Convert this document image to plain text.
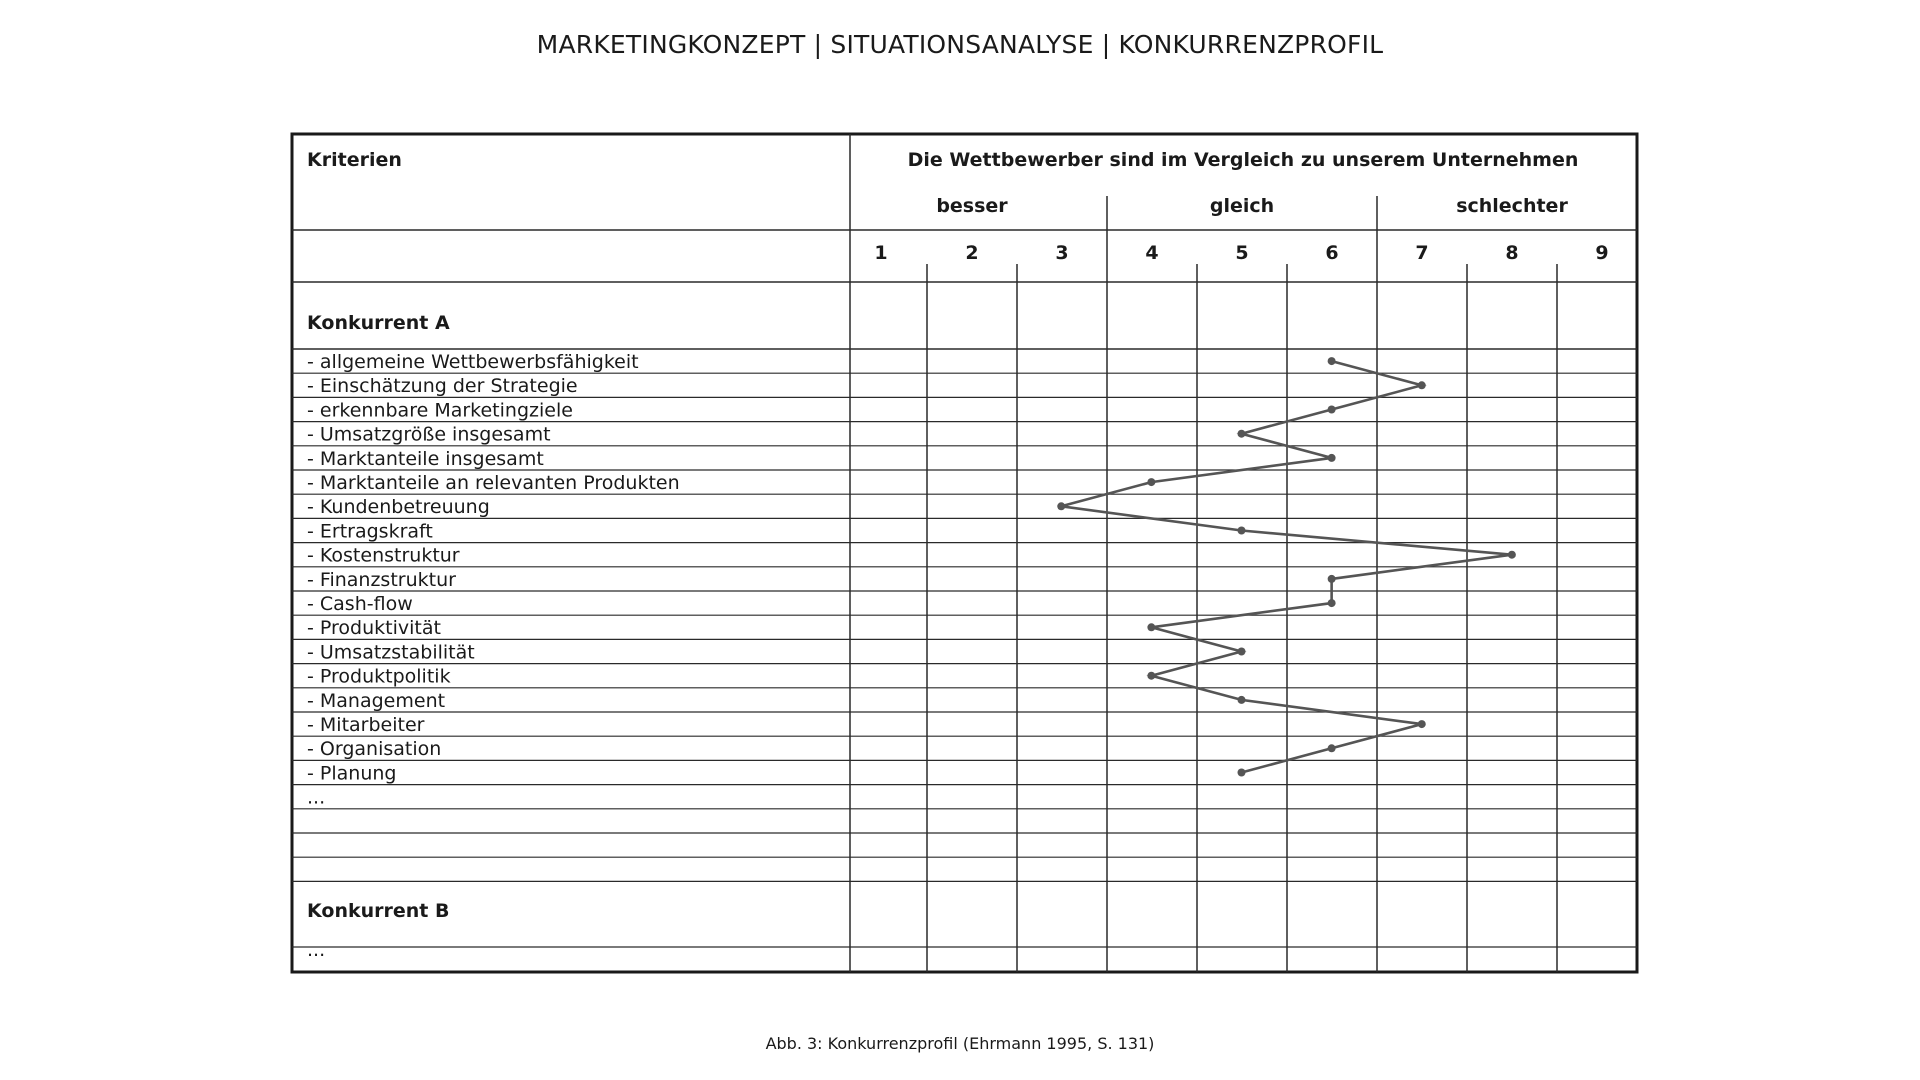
MARKETINGKONZEPT | SITUATIONSANALYSE | KONKURRENZPROFIL
Kriterien	Die Wettbewerber sind im Vergleich zu unserem Unternehmen
besser	gleich	schlechter
1	2	3	4	5	6	7	8	9
Konkurrent A
- allgemeine Wettbewerbsfähigkeit
- Einschätzung der Strategie
- erkennbare Marketingziele
- Umsatzgröße insgesamt
- Marktanteile insgesamt
- Marktanteile an relevanten Produkten
- Kundenbetreuung
- Ertragskraft
- Kostenstruktur
- Finanzstruktur
- Cash-flow
- Produktivität
- Umsatzstabilität
- Produktpolitik
- Management
- Mitarbeiter
- Organisation
- Planung
...
Konkurrent B
...
Abb. 3: Konkurrenzprofil (Ehrmann 1995, S. 131)
